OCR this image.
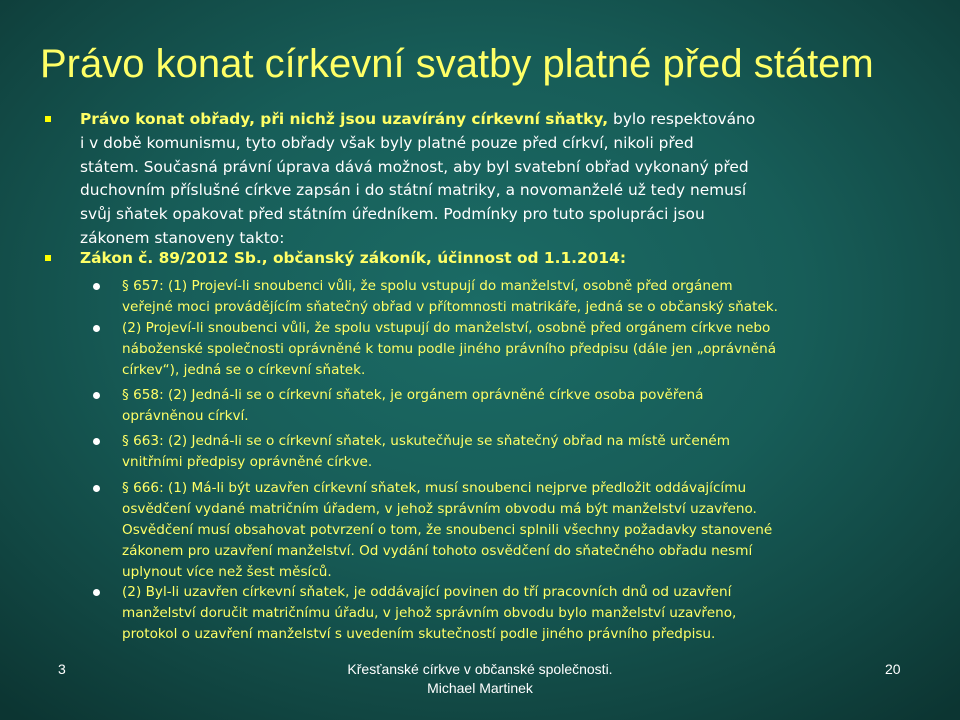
Právo konat církevní svatby platné před státem
Právo konat obřady, při nichž jsou uzavírány církevní sňatky, bylo respektováno
i v době komunismu, tyto obřady však byly platné pouze před církví, nikoli před
státem. Současná právní úprava dává možnost, aby byl svatební obřad vykonaný před
duchovním příslušné církve zapsán i do státní matriky, a novomanželé už tedy nemusí
svůj sňatek opakovat před státním úředníkem. Podmínky pro tuto spolupráci jsou
zákonem stanoveny takto:
Zákon č. 89/2012 Sb., občanský zákoník, účinnost od 1.1.2014:
§ 657: (1) Projeví-li snoubenci vůli, že spolu vstupují do manželství, osobně před orgánem
veřejné moci provádějícím sňatečný obřad v přítomnosti matrikáře, jedná se o občanský sňatek.
(2) Projeví-li snoubenci vůli, že spolu vstupují do manželství, osobně před orgánem církve nebo
náboženské společnosti oprávněné k tomu podle jiného právního předpisu (dále jen „oprávněná
církev“), jedná se o církevní sňatek.
§ 658: (2) Jedná-li se o církevní sňatek, je orgánem oprávněné církve osoba pověřená
oprávněnou církví.
§ 663: (2) Jedná-li se o církevní sňatek, uskutečňuje se sňatečný obřad na místě určeném
vnitřními předpisy oprávněné církve.
§ 666: (1) Má-li být uzavřen církevní sňatek, musí snoubenci nejprve předložit oddávajícímu
osvědčení vydané matričním úřadem, v jehož správním obvodu má být manželství uzavřeno.
Osvědčení musí obsahovat potvrzení o tom, že snoubenci splnili všechny požadavky stanovené
zákonem pro uzavření manželství. Od vydání tohoto osvědčení do sňatečného obřadu nesmí
uplynout více než šest měsíců.
(2) Byl-li uzavřen církevní sňatek, je oddávající povinen do tří pracovních dnů od uzavření
manželství doručit matričnímu úřadu, v jehož správním obvodu bylo manželství uzavřeno,
protokol o uzavření manželství s uvedením skutečností podle jiného právního předpisu.
3	Křesťanské církve v občanské společnosti.
Michael Martinek
20
